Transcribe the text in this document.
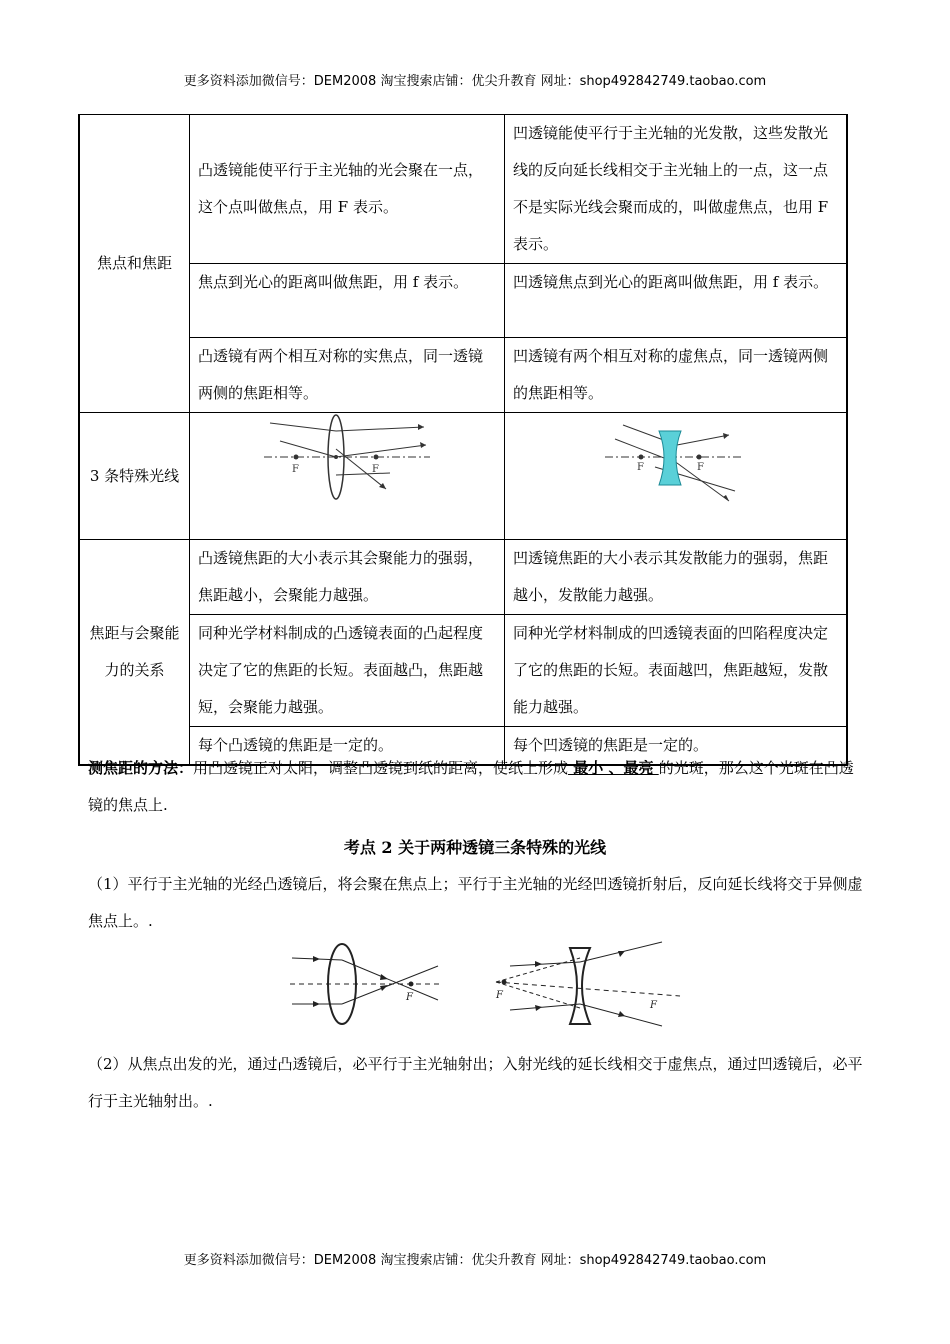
更多资料添加微信号：DEM2008 淘宝搜索店铺：优尖升教育 网址：shop492842749.taobao.com
焦点和焦距	凸透镜能使平行于主光轴的光会聚在一点，这个点叫做焦点，用 F 表示。	凹透镜能使平行于主光轴的光发散，这些发散光线的反向延长线相交于主光轴上的一点，这一点不是实际光线会聚而成的，叫做虚焦点，也用 F 表示。
	焦点到光心的距离叫做焦距，用 f 表示。	凹透镜焦点到光心的距离叫做焦距，用 f 表示。
	凸透镜有两个相互对称的实焦点，同一透镜两侧的焦距相等。	凹透镜有两个相互对称的虚焦点，同一透镜两侧的焦距相等。
3 条特殊光线	F F	F F

焦距与会聚能力的关系	凸透镜焦距的大小表示其会聚能力的强弱，焦距越小，会聚能力越强。	凹透镜焦距的大小表示其发散能力的强弱，焦距越小，发散能力越强。
	同种光学材料制成的凸透镜表面的凸起程度决定了它的焦距的长短。表面越凸，焦距越短，会聚能力越强。	同种光学材料制成的凹透镜表面的凹陷程度决定了它的焦距的长短。表面越凹，焦距越短，发散能力越强。
	每个凸透镜的焦距是一定的。	每个凹透镜的焦距是一定的。
测焦距的方法：用凸透镜正对太阳，调整凸透镜到纸的距离，使纸上形成 最小 、最亮 的光斑，那么这个光斑在凸透镜的焦点上.
考点 2 关于两种透镜三条特殊的光线
（1）平行于主光轴的光经凸透镜后，将会聚在焦点上；平行于主光轴的光经凹透镜折射后，反向延长线将交于异侧虚焦点上。.
F	F
F
（2）从焦点出发的光，通过凸透镜后，必平行于主光轴射出；入射光线的延长线相交于虚焦点，通过凹透镜后，必平行于主光轴射出。.
更多资料添加微信号：DEM2008 淘宝搜索店铺：优尖升教育 网址：shop492842749.taobao.com
